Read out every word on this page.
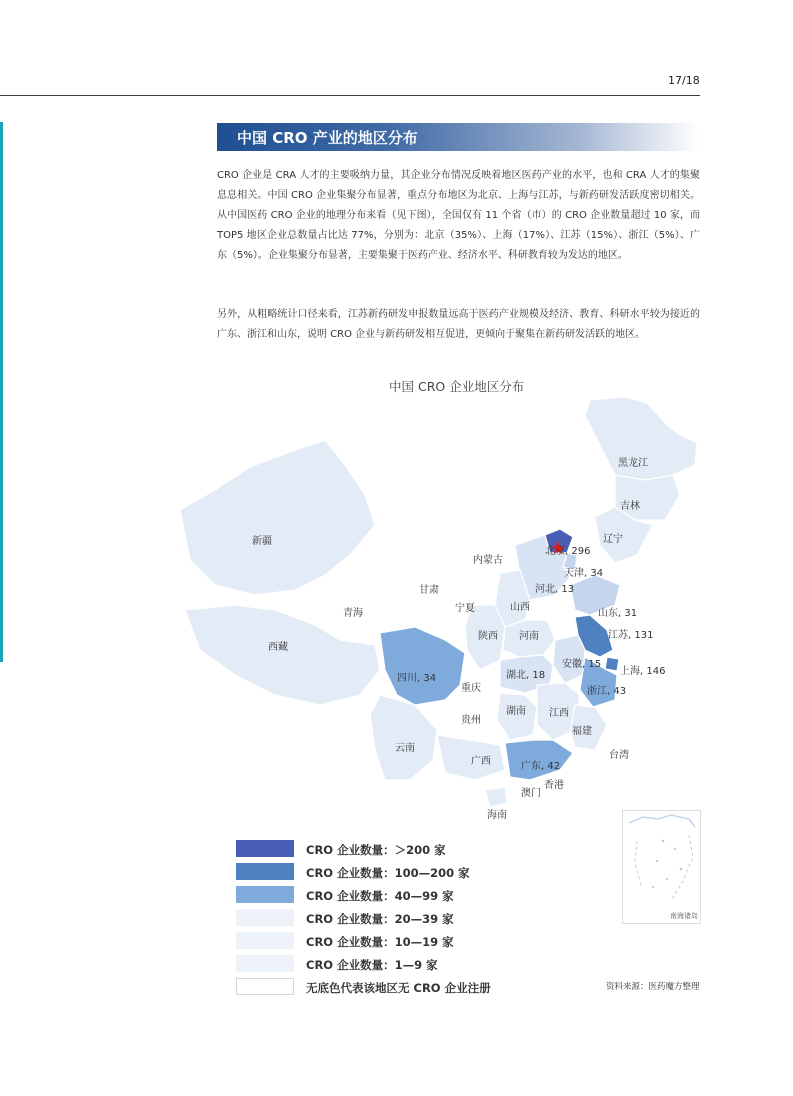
17/18
中国 CRO 产业的地区分布

CRO 企业是 CRA 人才的主要吸纳力量，其企业分布情况反映着地区医药产业的水平，也和 CRA 人才的集聚息息相关。中国 CRO 企业集聚分布显著，重点分布地区为北京、上海与江苏，与新药研发活跃度密切相关。从中国医药 CRO 企业的地理分布来看（见下图），全国仅有 11 个省（市）的 CRO 企业数量超过 10 家，而 TOP5 地区企业总数量占比达 77%，分别为：北京（35%）、上海（17%）、江苏（15%）、浙江（5%）、广东（5%）。企业集聚分布显著，主要集聚于医药产业、经济水平、科研教育较为发达的地区。

另外，从粗略统计口径来看，江苏新药研发申报数量远高于医药产业规模及经济、教育、科研水平较为接近的广东、浙江和山东，说明 CRO 企业与新药研发相互促进，更倾向于聚集在新药研发活跃的地区。

中国 CRO 企业地区分布
黑龙江
吉林
辽宁
新疆
内蒙古
北京, 296
天津, 34
河北, 13
甘肃
宁夏	山西
青海	山东, 31
陕西 河南	江苏, 131
西藏
安徽, 15
上海, 146
四川, 34	湖北, 18
重庆	浙江, 43
湖南 江西
贵州
福建
云南
台湾
广西	广东, 42
澳门
香港
海南
南海诸岛
CRO 企业数量：＞200 家
CRO 企业数量：100—200 家
CRO 企业数量：40—99 家
CRO 企业数量：20—39 家
CRO 企业数量：10—19 家
CRO 企业数量：1—9 家
无底色代表该地区无 CRO 企业注册	资料来源：医药魔方整理
